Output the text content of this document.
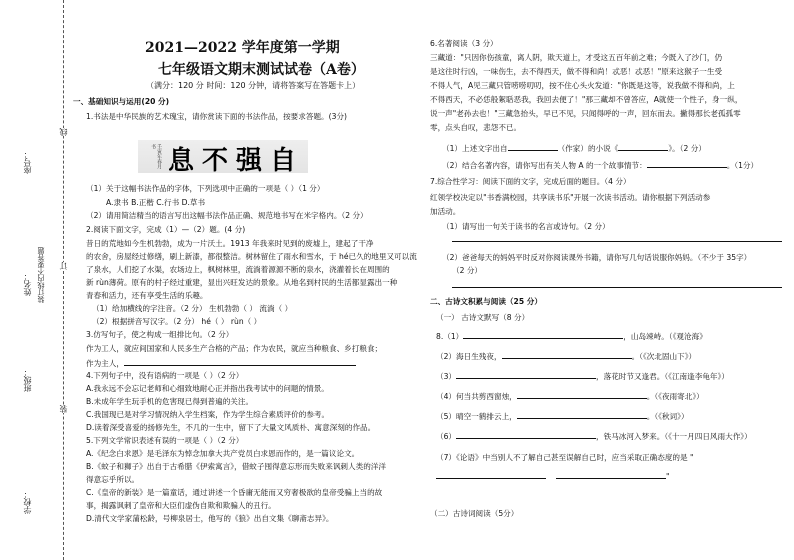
座号：
姓名：
班级：
学校：
装订线内不要答题
线
订
装
2021—2022 学年度第一学期
七年级语文期末测试试卷（A卷）
（满分：120 分 时间：120 分钟，请将答案写在答题卡上）
一、基础知识与运用(20 分)
1.书法是中华民族的艺术瑰宝，请你赏读下面的书法作品，按要求答题。(3分)
壬寅年春月书 息不强自
（1）关于这幅书法作品的字体，下列选项中正确的一项是（ ）（1 分）
A.隶书 B.正楷 C.行书 D.草书
（2）请用简洁精当的语言写出这幅书法作品正确、规范地书写在米字格内。（2 分）
2.阅读下面文字，完成（1）—（2）题。(4 分)
昔日的荒地如今生机勃勃，成为一片沃土。1913 年我来时见到的废墟上，建起了干净
的农舍，房屋经过修缮，刷上新漆，都很整洁。树林留住了雨水和雪水，于 hé已久的地里又可以流
了泉水，人们挖了水渠，农场边上，枫树林里，流淌着源源不断的泉水，浇灌着长在周围的
新 rùn薄荷。原有的村子经过重建，显出兴旺发达的景象。从地名到村民的生活都显露出一种
青春和活力，还有享受生活的乐趣。
（1）给加横线的字注音。（2 分） 生机勃勃（ ） 流淌（ ）
（2）根据拼音写汉字。（2 分） hé（ ） rùn（ ）
3.仿写句子，使之构成一组排比句。（2 分）
作为工人，就应间国家和人民多生产合格的产品；作为农民，就应当种粮食、乡打粮食；
作为主人，
4.下列句子中，没有语病的一项是（ ）（2 分）
A.我永远不会忘记老师和心细致地耐心正并指出我考试中的问题的情景。
B.未成年学生玩手机的危害现已得到普遍的关注。
C.我国现已是对学习情况纳入学生档案，作为学生综合素质评价的参考。
D.读着深受喜爱的扬修先生，不几的一生中，留下了大量文风质朴、寓意深刻的作品。
5.下列文学常识表述有误的一项是（ ）（2 分）
A.《纪念白求恩》是毛泽东为悼念加拿大共产党员白求恩而作的，是一篇议论文。
B.《蚊子和狮子》出自于古希腊《伊索寓言》，借蚊子囤得意忘形而失败来讽刺人类的洋洋
得意忘乎所以。
C.《皇帝的新装》是一篇童话，通过讲述一个昏庸无能而又穷奢极欲的皇帝受骗上当的故
事，揭露讽刺了皇帝和大臣们虚伪自欺和欺骗人的丑行。
D.清代文学家蒲松龄，号柳泉居士，他写的《狼》出自文集《聊斋志异》。
6.名著阅读（3 分）
三藏道："只因你伤孩童，离人阴，欺天道上，才受这五百年前之难；今既入了沙门，仍
是这往时行凶，一味伤生，去不得西天，做不得和尚！忒恶！忒恶！"原来这猴子一生受
不得人气，A见三藏只管唠唠叨叨，按不住心头火发道："你既是这等，说我做不得和尚，上
不得西天，不必恁般絮聒恶我，我回去便了！"那三藏却不曾答应，A就使一个性子，身一纵，
说一声"老孙去也！"三藏急抬头，早已不见，只闻得呼的一声，回东而去。撇得那长老孤孤零
零，点头自叹，悲怨不已。
（1）上述文字出自	（作家）的小说《	》。（2 分）
（2）结合名著内容，请你写出有关人物 A 的一个故事情节：	。（1分）
7.综合性学习：阅读下面的文字，完成后面的题目。（4 分）
红领学校决定以"书香满校园，共享读书乐"开展一次读书活动。请你根据下列活动参
加活动。
（1）请写出一句关于读书的名言或诗句。（2 分）
（2）爸爸每天的妈妈平时反对你阅读课外书籍，请你写几句话说服你妈妈。（不少于 35字）
（2 分）
二、古诗文积累与阅读（25 分）
（一） 古诗文默写（8 分）
8.（1）	，山岛竦峙。（《观沧海》
（2）海日生残夜，	。（《次北固山下》）
（3）	，落花时节又逢君。（《江南逢李龟年》）
（4）何当共剪西窗烛，	。（《夜雨寄北》）
（5）晴空一鹤排云上，	。（《秋词》）
（6）	，铁马冰河入梦来。（《十一月四日风雨大作》）
（7）《论语》中当别人不了解自己甚至误解自己时，应当采取正确态度的是 "
"
（二）古诗词阅读（5分）
